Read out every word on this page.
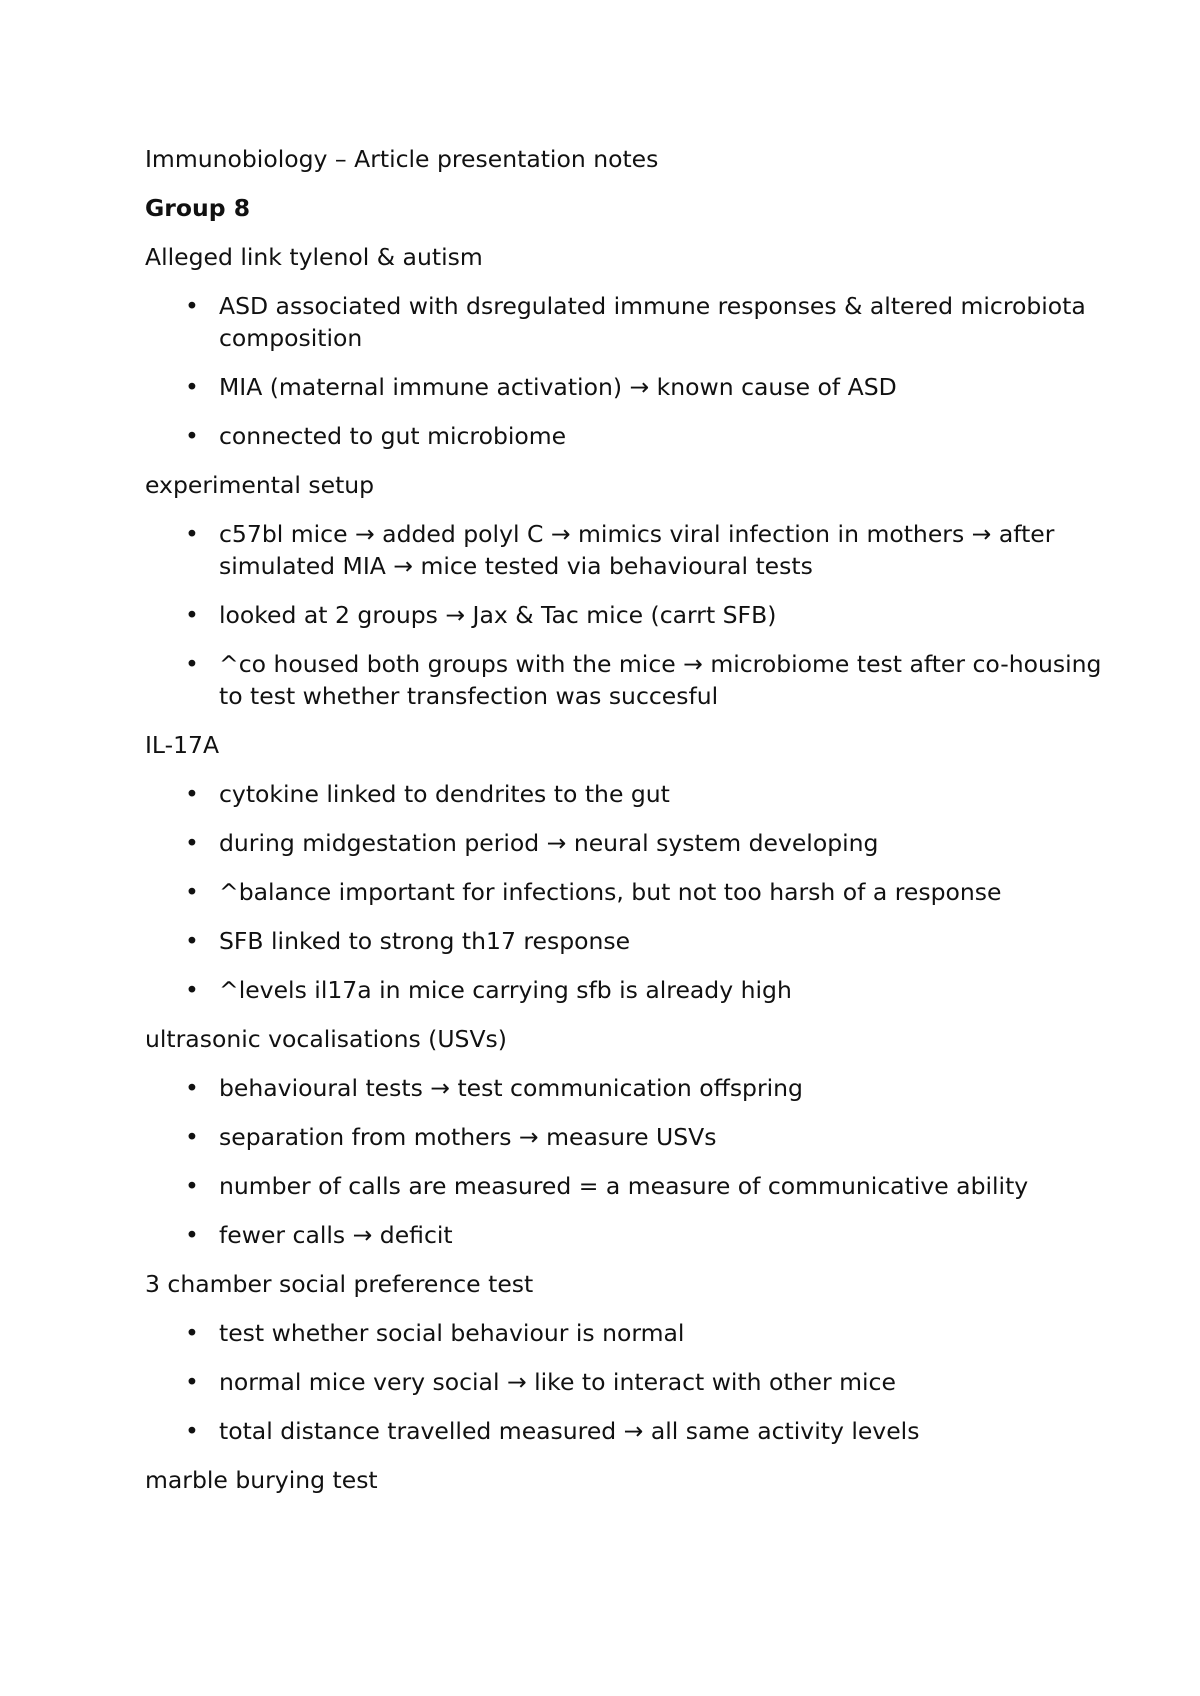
Immunobiology – Article presentation notes

Group 8

Alleged link tylenol & autism

• ASD associated with dsregulated immune responses & altered microbiota composition
• MIA (maternal immune activation) → known cause of ASD
• connected to gut microbiome

experimental setup

• c57bl mice → added polyl C → mimics viral infection in mothers → after simulated MIA → mice tested via behavioural tests
• looked at 2 groups → Jax & Tac mice (carrt SFB)
• ^co housed both groups with the mice → microbiome test after co-housing to test whether transfection was succesful

IL-17A

• cytokine linked to dendrites to the gut
• during midgestation period → neural system developing
• ^balance important for infections, but not too harsh of a response
• SFB linked to strong th17 response
• ^levels il17a in mice carrying sfb is already high

ultrasonic vocalisations (USVs)

• behavioural tests → test communication offspring
• separation from mothers → measure USVs
• number of calls are measured = a measure of communicative ability
• fewer calls → deficit

3 chamber social preference test

• test whether social behaviour is normal
• normal mice very social → like to interact with other mice
• total distance travelled measured → all same activity levels

marble burying test
